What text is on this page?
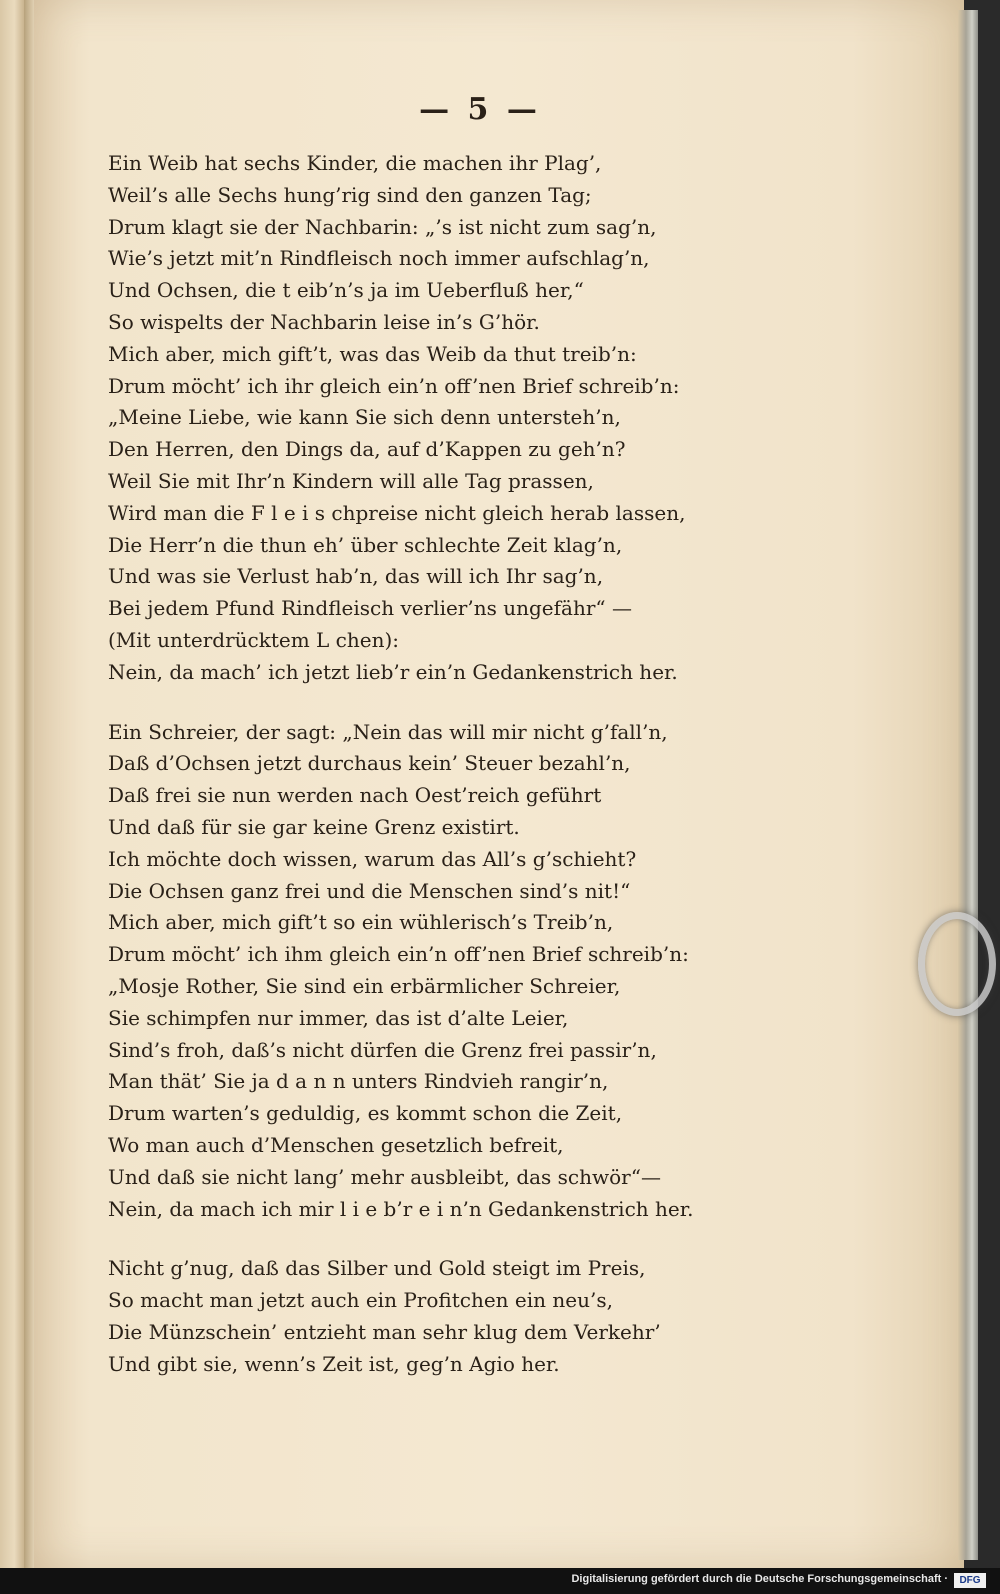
— 5 —
Ein Weib hat sechs Kinder, die machen ihr Plag’,
Weil’s alle Sechs hung’rig sind den ganzen Tag;
Drum klagt sie der Nachbarin: „’s ist nicht zum sag’n,
Wie’s jetzt mit’n Rindfleisch noch immer aufschlag’n,
Und Ochsen, die t eib’n’s ja im Ueberfluß her,“
So wispelts der Nachbarin leise in’s G’hör.
Mich aber, mich gift’t, was das Weib da thut treib’n:
Drum möcht’ ich ihr gleich ein’n off’nen Brief schreib’n:
„Meine Liebe, wie kann Sie sich denn untersteh’n,
Den Herren, den Dings da, auf d’Kappen zu geh’n?
Weil Sie mit Ihr’n Kindern will alle Tag prassen,
Wird man die F l e i s chpreise nicht gleich herab lassen,
Die Herr’n die thun eh’ über schlechte Zeit klag’n,
Und was sie Verlust hab’n, das will ich Ihr sag’n,
Bei jedem Pfund Rindfleisch verlier’ns ungefähr“ —
(Mit unterdrücktem L chen):
Nein, da mach’ ich jetzt lieb’r ein’n Gedankenstrich her.
Ein Schreier, der sagt: „Nein das will mir nicht g’fall’n,
Daß d’Ochsen jetzt durchaus kein’ Steuer bezahl’n,
Daß frei sie nun werden nach Oest’reich geführt
Und daß für sie gar keine Grenz existirt.
Ich möchte doch wissen, warum das All’s g’schieht?
Die Ochsen ganz frei und die Menschen sind’s nit!“
Mich aber, mich gift’t so ein wühlerisch’s Treib’n,
Drum möcht’ ich ihm gleich ein’n off’nen Brief schreib’n:
„Mosje Rother, Sie sind ein erbärmlicher Schreier,
Sie schimpfen nur immer, das ist d’alte Leier,
Sind’s froh, daß’s nicht dürfen die Grenz frei passir’n,
Man thät’ Sie ja d a n n unters Rindvieh rangir’n,
Drum warten’s geduldig, es kommt schon die Zeit,
Wo man auch d’Menschen gesetzlich befreit,
Und daß sie nicht lang’ mehr ausbleibt, das schwör“—
Nein, da mach ich mir l i e b’r e i n’n Gedankenstrich her.
Nicht g’nug, daß das Silber und Gold steigt im Preis,
So macht man jetzt auch ein Profitchen ein neu’s,
Die Münzschein’ entzieht man sehr klug dem Verkehr’
Und gibt sie, wenn’s Zeit ist, geg’n Agio her.
Digitalisierung gefördert durch die Deutsche Forschungsgemeinschaft ·	DFG
